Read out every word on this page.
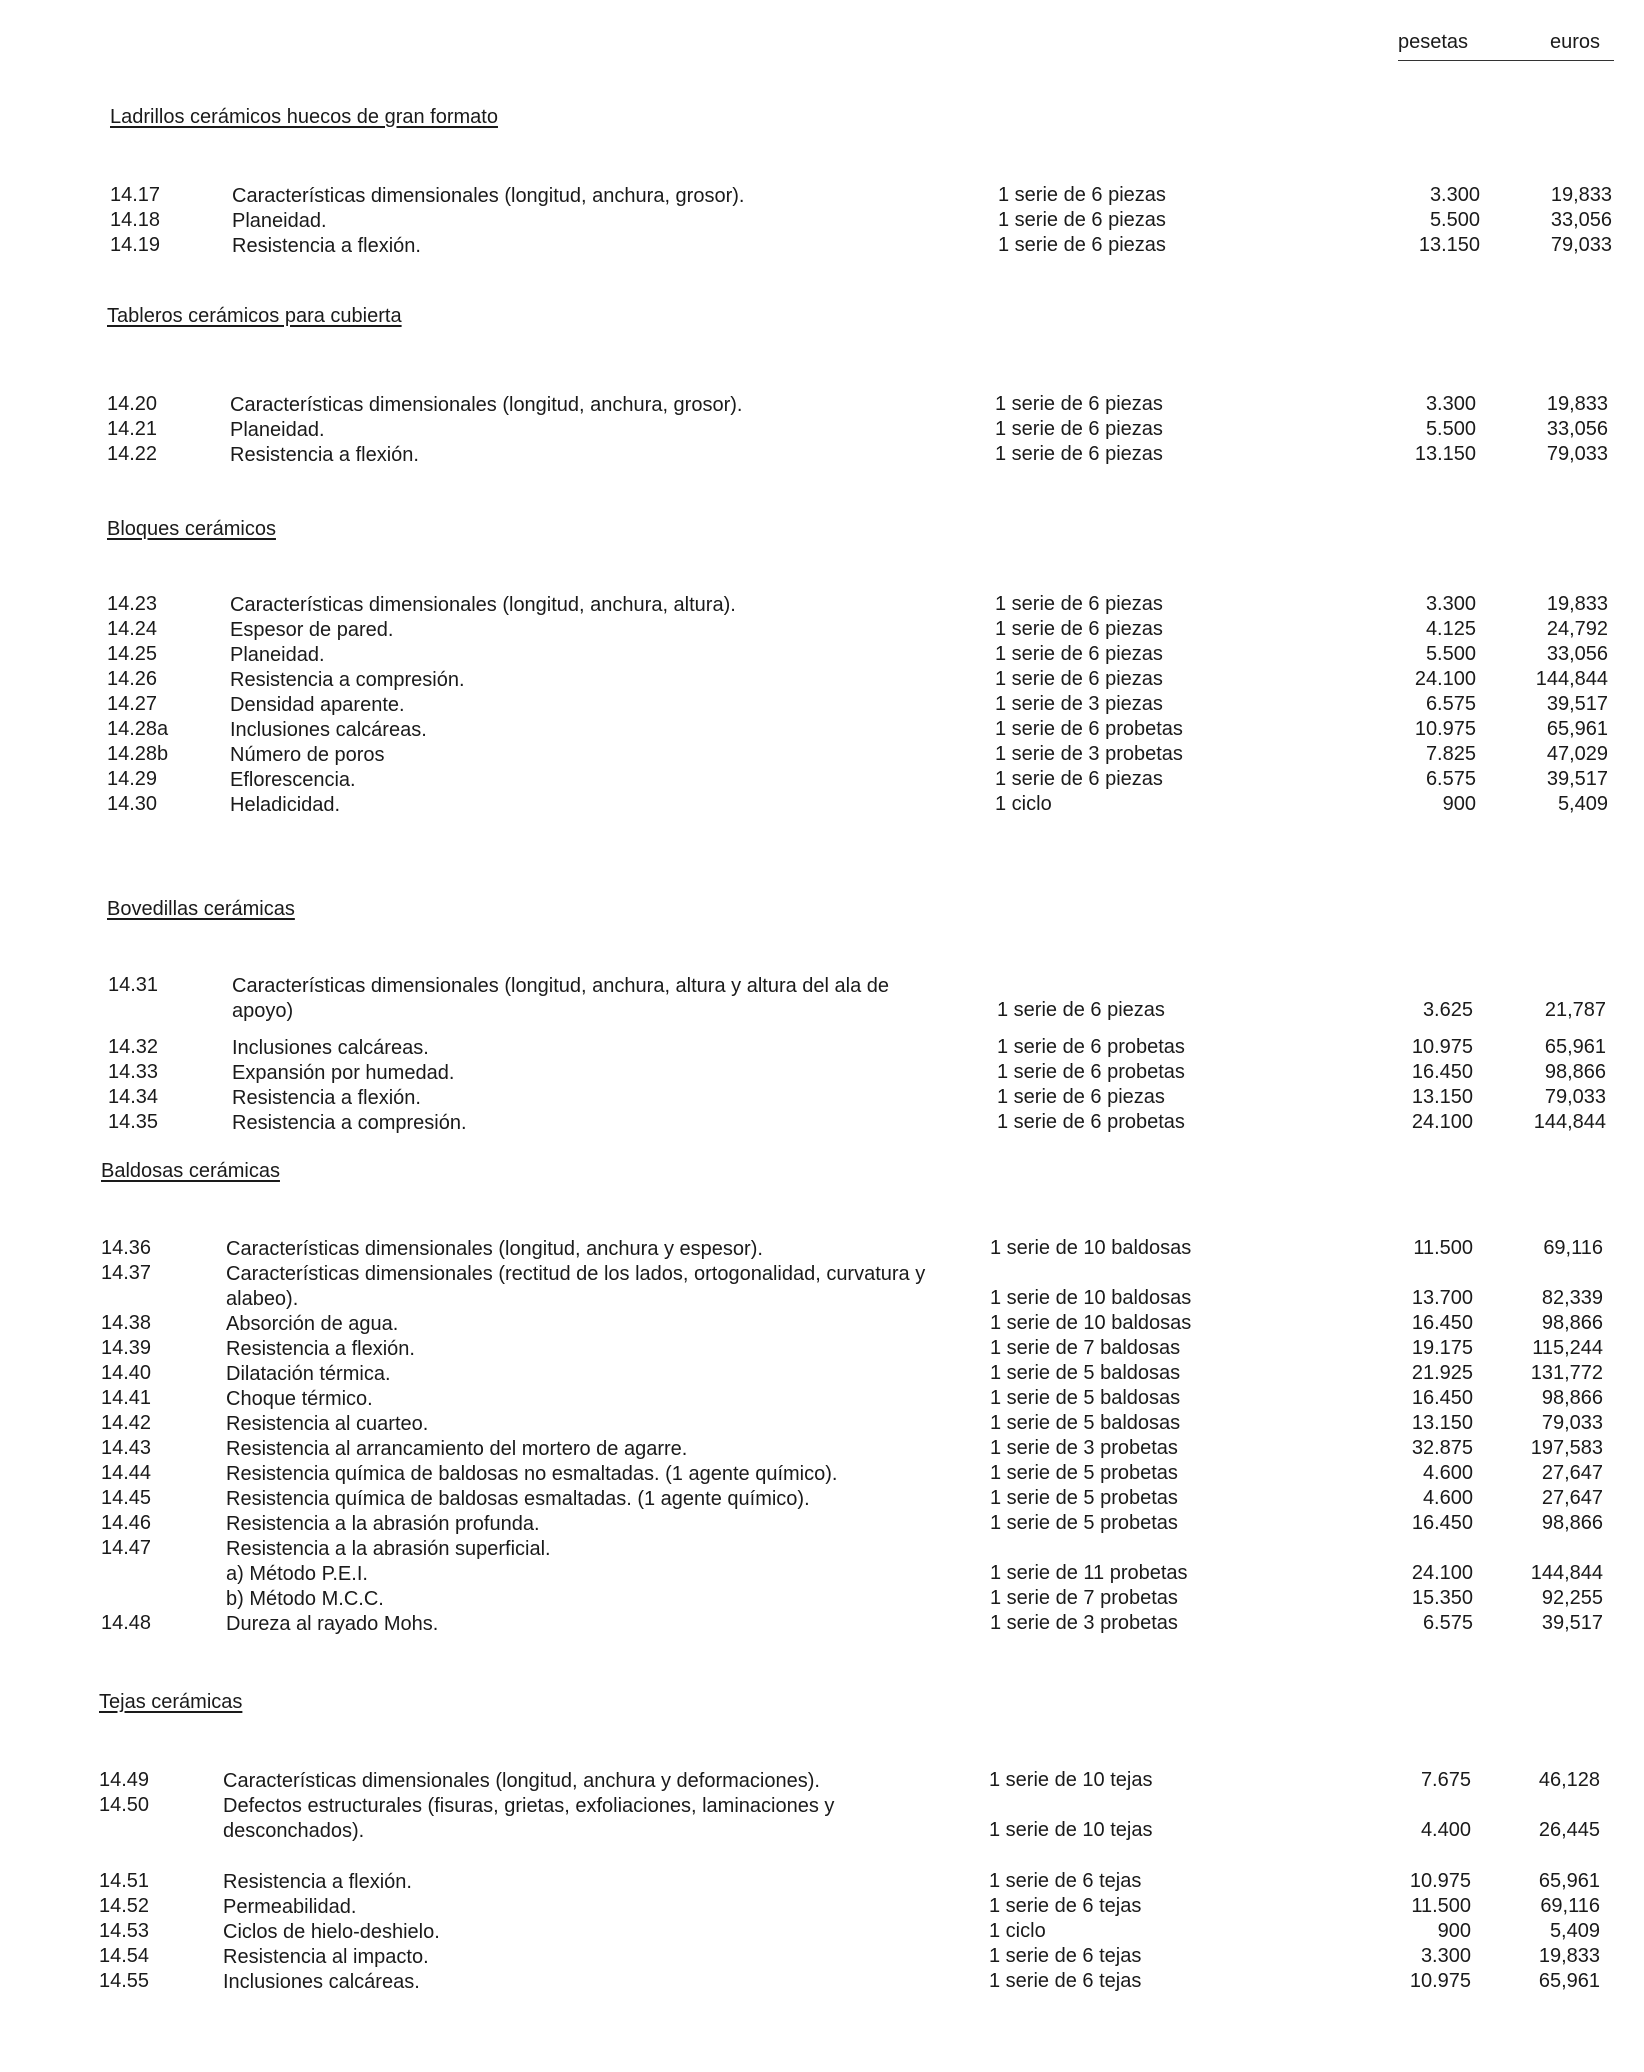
pesetas	euros
Ladrillos cerámicos huecos de gran formato
14.17	Características dimensionales (longitud, anchura, grosor).	1 serie de 6 piezas	3.300	19,833
14.18	Planeidad.	1 serie de 6 piezas	5.500	33,056
14.19	Resistencia a flexión.	1 serie de 6 piezas	13.150	79,033
Tableros cerámicos para cubierta
14.20	Características dimensionales (longitud, anchura, grosor).	1 serie de 6 piezas	3.300	19,833
14.21	Planeidad.	1 serie de 6 piezas	5.500	33,056
14.22	Resistencia a flexión.	1 serie de 6 piezas	13.150	79,033
Bloques cerámicos
14.23	Características dimensionales (longitud, anchura, altura).	1 serie de 6 piezas	3.300	19,833
14.24	Espesor de pared.	1 serie de 6 piezas	4.125	24,792
14.25	Planeidad.	1 serie de 6 piezas	5.500	33,056
14.26	Resistencia a compresión.	1 serie de 6 piezas	24.100	144,844
14.27	Densidad aparente.	1 serie de 3 piezas	6.575	39,517
14.28a	Inclusiones calcáreas.	1 serie de 6 probetas	10.975	65,961
14.28b	Número de poros	1 serie de 3 probetas	7.825	47,029
14.29	Eflorescencia.	1 serie de 6 piezas	6.575	39,517
14.30	Heladicidad.	1 ciclo	900	5,409
Bovedillas cerámicas
14.31	Características dimensionales (longitud, anchura, altura y altura del ala de apoyo)	1 serie de 6 piezas	3.625	21,787
14.32	Inclusiones calcáreas.	1 serie de 6 probetas	10.975	65,961
14.33	Expansión por humedad.	1 serie de 6 probetas	16.450	98,866
14.34	Resistencia a flexión.	1 serie de 6 piezas	13.150	79,033
14.35	Resistencia a compresión.	1 serie de 6 probetas	24.100	144,844
Baldosas cerámicas
14.36	Características dimensionales (longitud, anchura y espesor).	1 serie de 10 baldosas	11.500	69,116
14.37	Características dimensionales (rectitud de los lados, ortogonalidad, curvatura y alabeo).	1 serie de 10 baldosas	13.700	82,339
14.38	Absorción de agua.	1 serie de 10 baldosas	16.450	98,866
14.39	Resistencia a flexión.	1 serie de 7 baldosas	19.175	115,244
14.40	Dilatación térmica.	1 serie de 5 baldosas	21.925	131,772
14.41	Choque térmico.	1 serie de 5 baldosas	16.450	98,866
14.42	Resistencia al cuarteo.	1 serie de 5 baldosas	13.150	79,033
14.43	Resistencia al arrancamiento del mortero de agarre.	1 serie de 3 probetas	32.875	197,583
14.44	Resistencia química de baldosas no esmaltadas. (1 agente químico).	1 serie de 5 probetas	4.600	27,647
14.45	Resistencia química de baldosas esmaltadas. (1 agente químico).	1 serie de 5 probetas	4.600	27,647
14.46	Resistencia a la abrasión profunda.	1 serie de 5 probetas	16.450	98,866
14.47	Resistencia a la abrasión superficial.
a) Método P.E.I.	1 serie de 11 probetas	24.100	144,844
b) Método M.C.C.	1 serie de 7 probetas	15.350	92,255
14.48	Dureza al rayado Mohs.	1 serie de 3 probetas	6.575	39,517
Tejas cerámicas
14.49	Características dimensionales (longitud, anchura y deformaciones).	1 serie de 10 tejas	7.675	46,128
14.50	Defectos estructurales (fisuras, grietas, exfoliaciones, laminaciones y desconchados).	1 serie de 10 tejas	4.400	26,445
14.51	Resistencia a flexión.	1 serie de 6 tejas	10.975	65,961
14.52	Permeabilidad.	1 serie de 6 tejas	11.500	69,116
14.53	Ciclos de hielo-deshielo.	1 ciclo	900	5,409
14.54	Resistencia al impacto.	1 serie de 6 tejas	3.300	19,833
14.55	Inclusiones calcáreas.	1 serie de 6 tejas	10.975	65,961
